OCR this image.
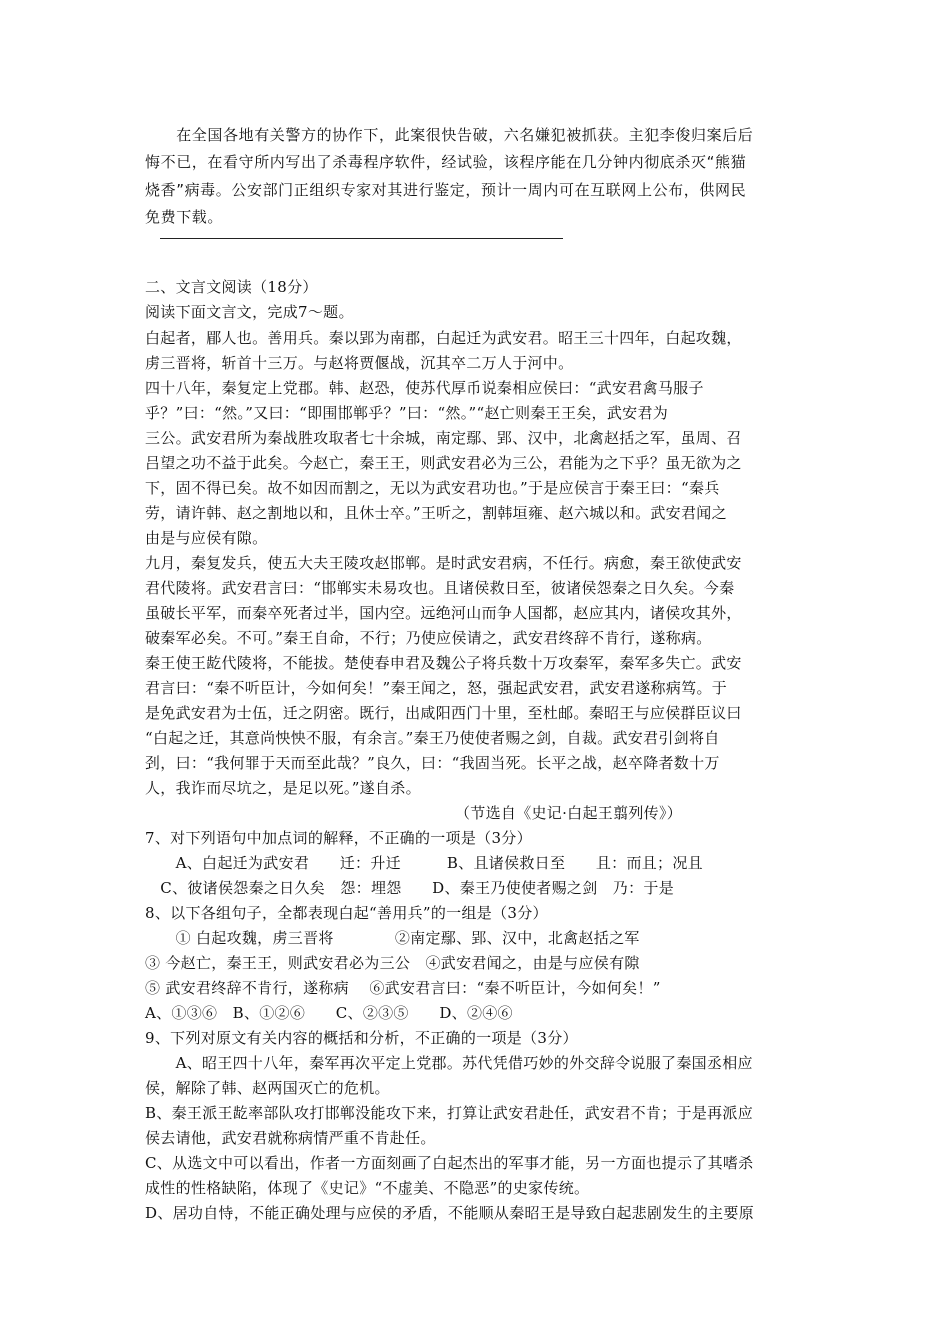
　　在全国各地有关警方的协作下，此案很快告破，六名嫌犯被抓获。主犯李俊归案后后
悔不已，在看守所内写出了杀毒程序软件，经试验，该程序能在几分钟内彻底杀灭“熊猫
烧香”病毒。公安部门正组织专家对其进行鉴定，预计一周内可在互联网上公布，供网民
免费下载。
二、文言文阅读（18分）
阅读下面文言文，完成7～题。
白起者，郿人也。善用兵。秦以郢为南郡，白起迁为武安君。昭王三十四年，白起攻魏，
虏三晋将，斩首十三万。与赵将贾偃战，沉其卒二万人于河中。
四十八年，秦复定上党郡。韩、赵恐，使苏代厚币说秦相应侯曰：“武安君禽马服子
乎？”曰：“然。”又曰：“即围邯郸乎？”曰：“然。”“赵亡则秦王王矣，武安君为
三公。武安君所为秦战胜攻取者七十余城，南定鄢、郢、汉中，北禽赵括之军，虽周、召
吕望之功不益于此矣。今赵亡，秦王王，则武安君必为三公，君能为之下乎？虽无欲为之
下，固不得已矣。故不如因而割之，无以为武安君功也。”于是应侯言于秦王曰：“秦兵
劳，请许韩、赵之割地以和，且休士卒。”王听之，割韩垣雍、赵六城以和。武安君闻之
由是与应侯有隙。
九月，秦复发兵，使五大夫王陵攻赵邯郸。是时武安君病，不任行。病愈，秦王欲使武安
君代陵将。武安君言曰：“邯郸实未易攻也。且诸侯救日至，彼诸侯怨秦之日久矣。今秦
虽破长平军，而秦卒死者过半，国内空。远绝河山而争人国都，赵应其内，诸侯攻其外，
破秦军必矣。不可。”秦王自命，不行；乃使应侯请之，武安君终辞不肯行，遂称病。
秦王使王龁代陵将，不能拔。楚使春申君及魏公子将兵数十万攻秦军，秦军多失亡。武安
君言曰：“秦不听臣计，今如何矣！”秦王闻之，怒，强起武安君，武安君遂称病笃。于
是免武安君为士伍，迁之阴密。既行，出咸阳西门十里，至杜邮。秦昭王与应侯群臣议曰
“白起之迁，其意尚怏怏不服，有余言。”秦王乃使使者赐之剑，自裁。武安君引剑将自
刭，曰：“我何罪于天而至此哉？”良久，曰：“我固当死。长平之战，赵卒降者数十万
人，我诈而尽坑之，是足以死。”遂自杀。
（节选自《史记·白起王翦列传》）
7、对下列语句中加点词的解释，不正确的一项是（3分）
　　A、白起迁为武安君　　迁：升迁　　　B、且诸侯救日至　　且：而且；况且
　C、彼诸侯怨秦之日久矣　怨：埋怨　　D、秦王乃使使者赐之剑　乃：于是
8、以下各组句子，全都表现白起“善用兵”的一组是（3分）
　　① 白起攻魏，虏三晋将　　　　②南定鄢、郢、汉中，北禽赵括之军
③ 今赵亡，秦王王，则武安君必为三公　④武安君闻之，由是与应侯有隙
⑤ 武安君终辞不肯行，遂称病　 ⑥武安君言曰：“秦不听臣计，今如何矣！”
A、①③⑥　B、①②⑥　　C、②③⑤　　D、②④⑥
9、下列对原文有关内容的概括和分析，不正确的一项是（3分）
　　A、昭王四十八年，秦军再次平定上党郡。苏代凭借巧妙的外交辞令说服了秦国丞相应
侯，解除了韩、赵两国灭亡的危机。
B、秦王派王龁率部队攻打邯郸没能攻下来，打算让武安君赴任，武安君不肯；于是再派应
侯去请他，武安君就称病情严重不肯赴任。
C、从选文中可以看出，作者一方面刻画了白起杰出的军事才能，另一方面也提示了其嗜杀
成性的性格缺陷，体现了《史记》“不虚美、不隐恶”的史家传统。
D、居功自恃，不能正确处理与应侯的矛盾，不能顺从秦昭王是导致白起悲剧发生的主要原
